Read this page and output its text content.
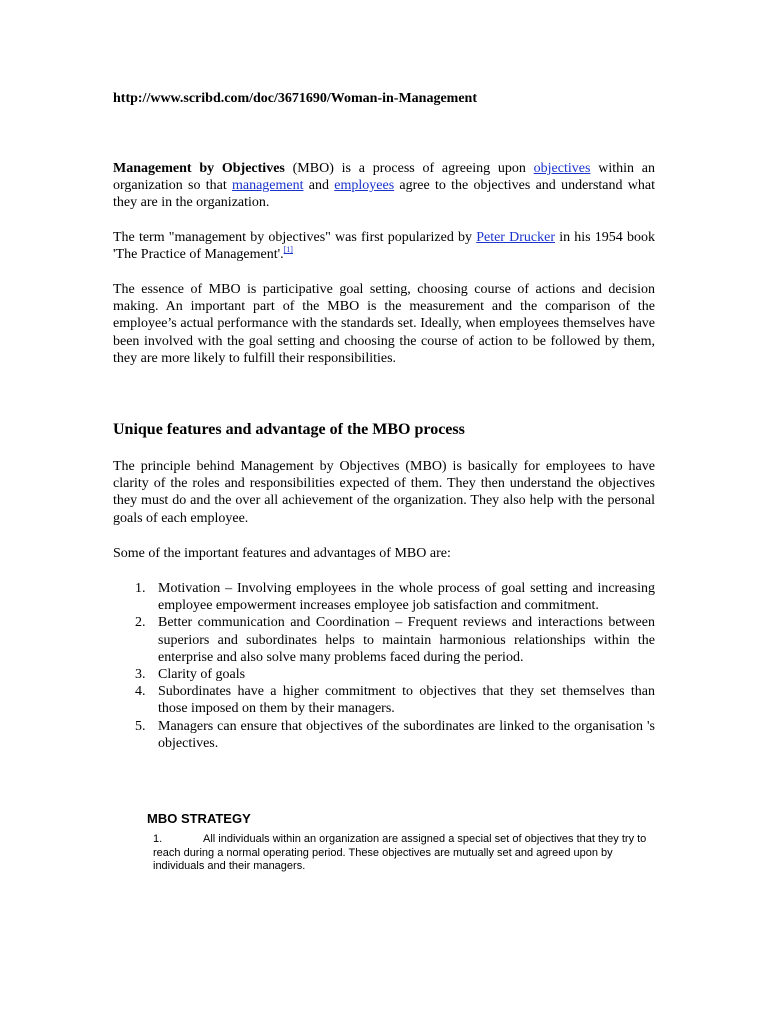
http://www.scribd.com/doc/3671690/Woman-in-Management

Management by Objectives (MBO) is a process of agreeing upon objectives within an organization so that management and employees agree to the objectives and understand what they are in the organization.

The term "management by objectives" was first popularized by Peter Drucker in his 1954 book 'The Practice of Management'.[1]

The essence of MBO is participative goal setting, choosing course of actions and decision making. An important part of the MBO is the measurement and the comparison of the employee’s actual performance with the standards set. Ideally, when employees themselves have been involved with the goal setting and choosing the course of action to be followed by them, they are more likely to fulfill their responsibilities.

Unique features and advantage of the MBO process

The principle behind Management by Objectives (MBO) is basically for employees to have clarity of the roles and responsibilities expected of them. They then understand the objectives they must do and the over all achievement of the organization. They also help with the personal goals of each employee.

Some of the important features and advantages of MBO are:

1. Motivation – Involving employees in the whole process of goal setting and increasing employee empowerment increases employee job satisfaction and commitment.
2. Better communication and Coordination – Frequent reviews and interactions between superiors and subordinates helps to maintain harmonious relationships within the enterprise and also solve many problems faced during the period.
3. Clarity of goals
4. Subordinates have a higher commitment to objectives that they set themselves than those imposed on them by their managers.
5. Managers can ensure that objectives of the subordinates are linked to the organisation 's objectives.
MBO STRATEGY

1.	All individuals within an organization are assigned a special set of objectives that they try to reach during a normal operating period. These objectives are mutually set and agreed upon by individuals and their managers.
